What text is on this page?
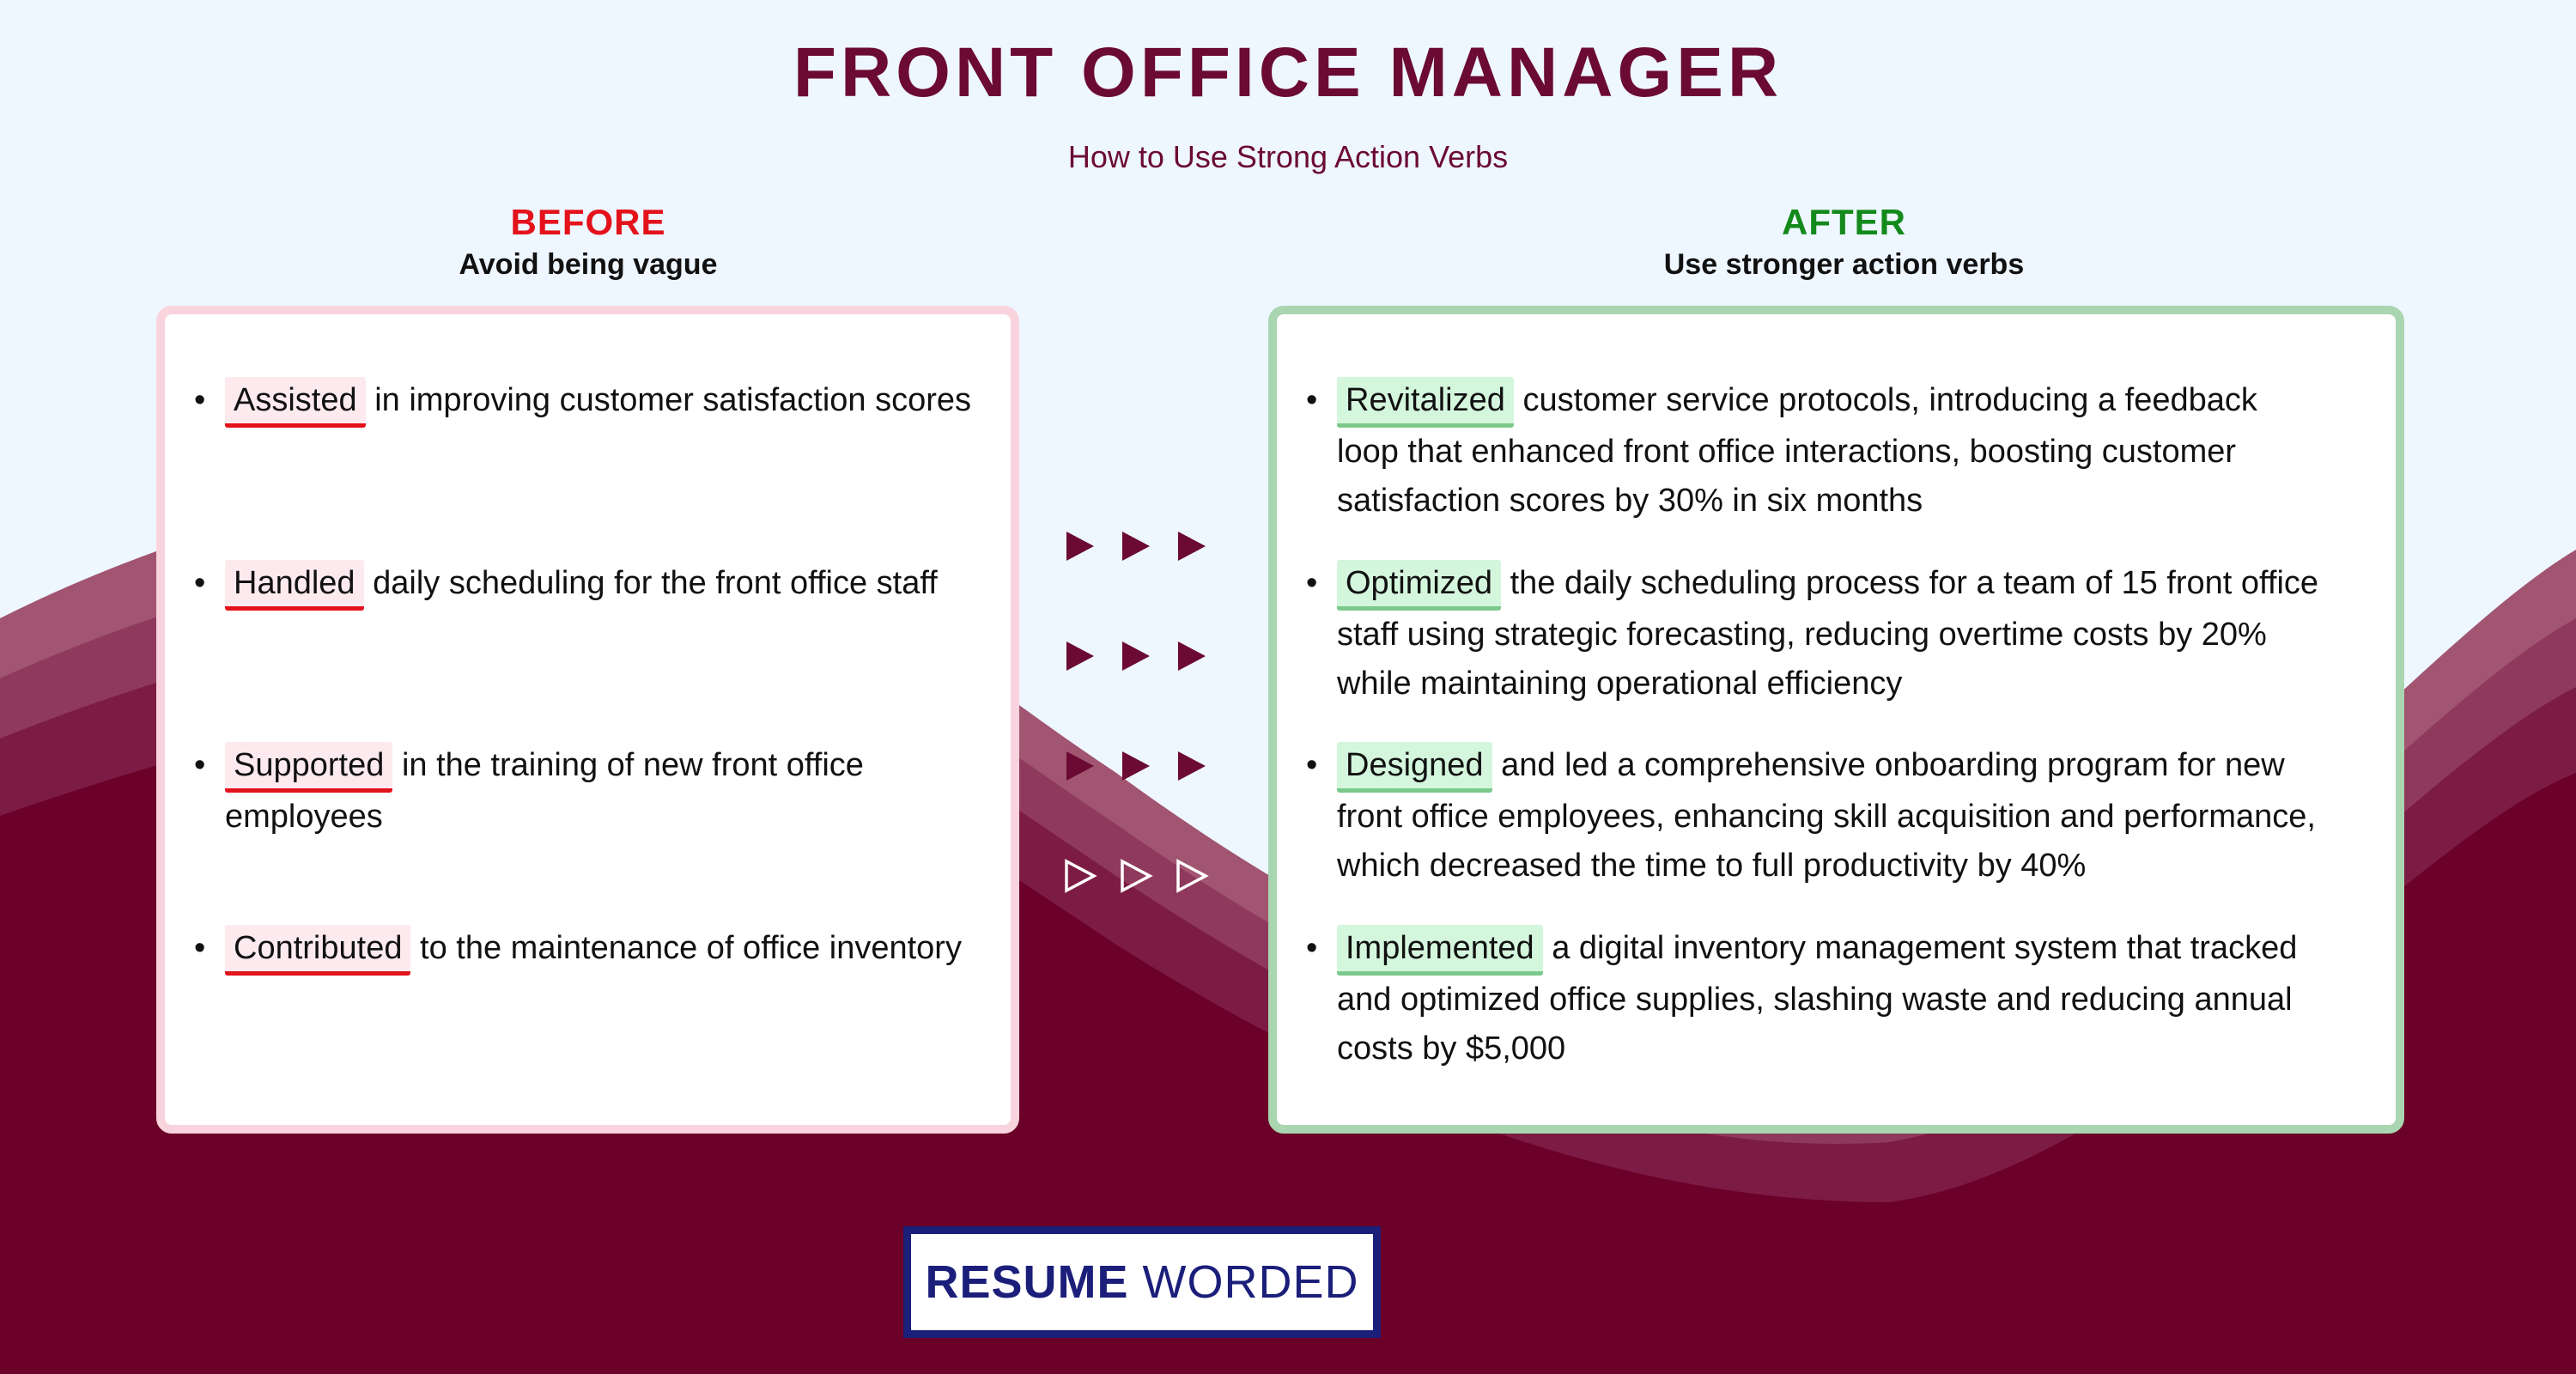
FRONT OFFICE MANAGER
How to Use Strong Action Verbs
BEFORE
Avoid being vague
AFTER
Use stronger action verbs
• Assisted in improving customer satisfaction scores
• Handled daily scheduling for the front office staff
• Supported in the training of new front office
employees
• Contributed to the maintenance of office inventory
• Revitalized customer service protocols, introducing a feedback
loop that enhanced front office interactions, boosting customer
satisfaction scores by 30% in six months
• Optimized the daily scheduling process for a team of 15 front office
staff using strategic forecasting, reducing overtime costs by 20%
while maintaining operational efficiency
• Designed and led a comprehensive onboarding program for new
front office employees, enhancing skill acquisition and performance,
which decreased the time to full productivity by 40%
• Implemented a digital inventory management system that tracked
and optimized office supplies, slashing waste and reducing annual
costs by $5,000
RESUME WORDED
